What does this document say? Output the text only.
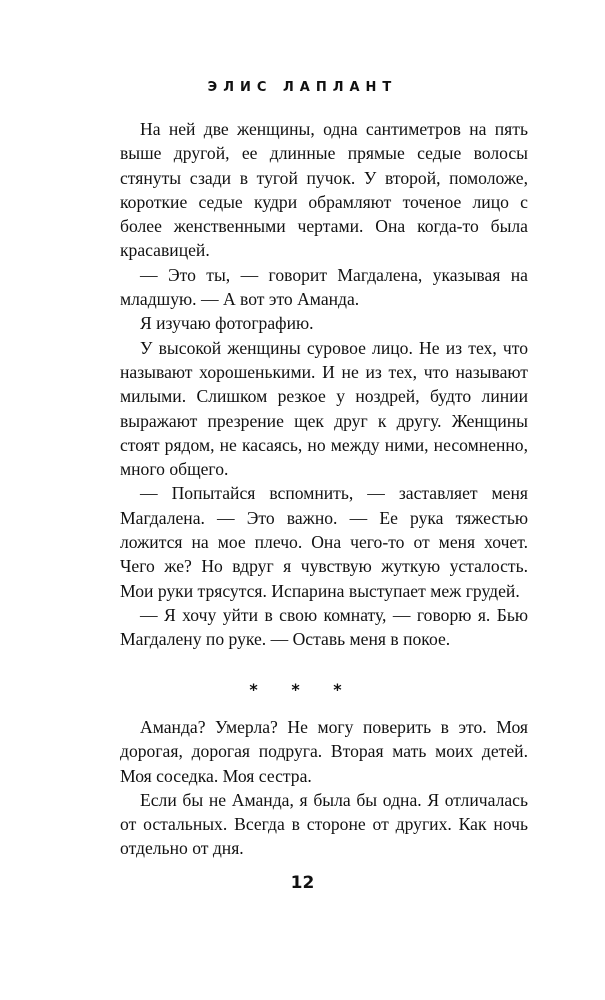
ЭЛИС ЛАПЛАНТ

На ней две женщины, одна сантиметров на пять выше другой, ее длинные прямые седые волосы стянуты сзади в тугой пучок. У второй, помоложе, короткие седые кудри обрамляют точеное лицо с более женственными чертами. Она когда-то была красавицей.

— Это ты, — говорит Магдалена, указывая на младшую. — А вот это Аманда.

Я изучаю фотографию.

У высокой женщины суровое лицо. Не из тех, что называют хорошенькими. И не из тех, что называют милыми. Слишком резкое у ноздрей, будто линии выражают презрение щек друг к другу. Женщины стоят рядом, не касаясь, но между ними, несомненно, много общего.

— Попытайся вспомнить, — заставляет меня Магдалена. — Это важно. — Ее рука тяжестью ложится на мое плечо. Она чего-то от меня хочет. Чего же? Но вдруг я чувствую жуткую усталость. Мои руки трясутся. Испарина выступает меж грудей.

— Я хочу уйти в свою комнату, — говорю я. Бью Магдалену по руке. — Оставь меня в покое.

* * *

Аманда? Умерла? Не могу поверить в это. Моя дорогая, дорогая подруга. Вторая мать моих детей. Моя соседка. Моя сестра.

Если бы не Аманда, я была бы одна. Я отличалась от остальных. Всегда в стороне от других. Как ночь отдельно от дня.

12
